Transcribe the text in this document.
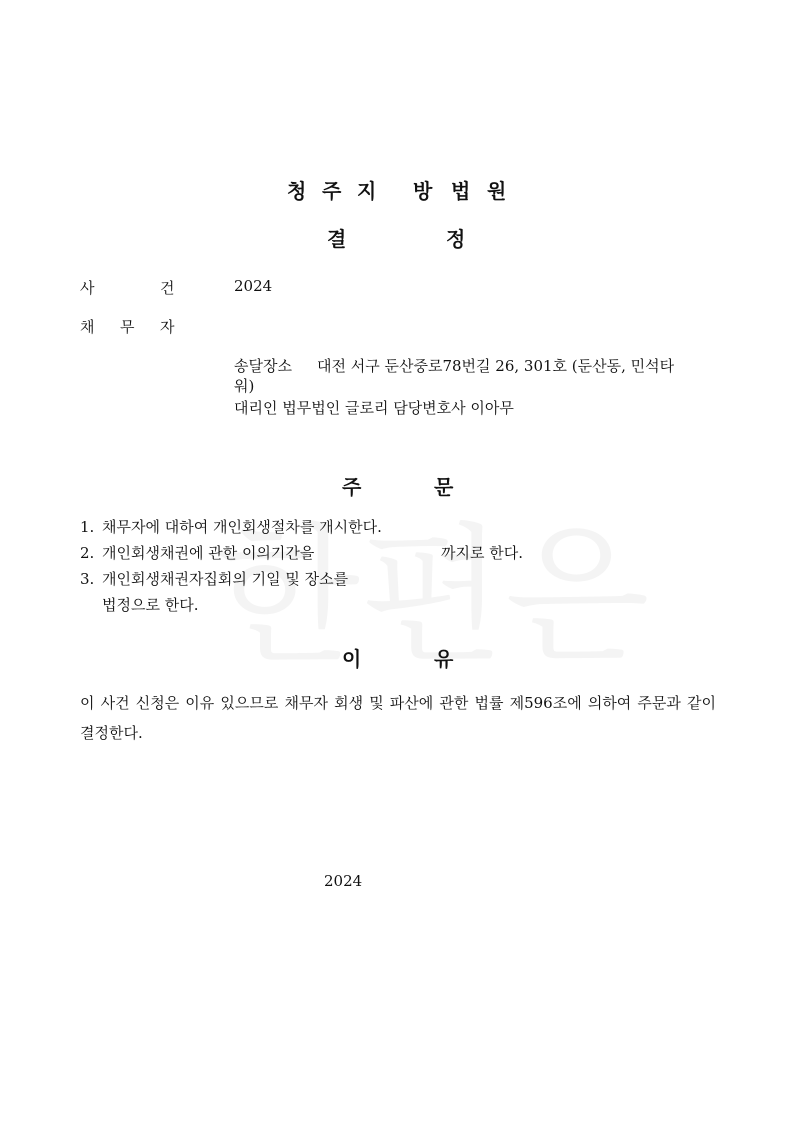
청 주 지 방 법 원
결	정
사	건	2024
채 무 자
송달장소 대전 서구 둔산중로78번길 26, 301호 (둔산동, 민석타
워)
대리인 법무법인 글로리 담당변호사 이아무
주	문
1. 채무자에 대하여 개인회생절차를 개시한다.
2. 개인회생채권에 관한 이의기간을	까지로 한다.
3. 개인회생채권자집회의 기일 및 장소를
법정으로 한다.
이	유
이 사건 신청은 이유 있으므로 채무자 회생 및 파산에 관한 법률 제596조에 의하여 주문과 같이 결정한다.
2024
